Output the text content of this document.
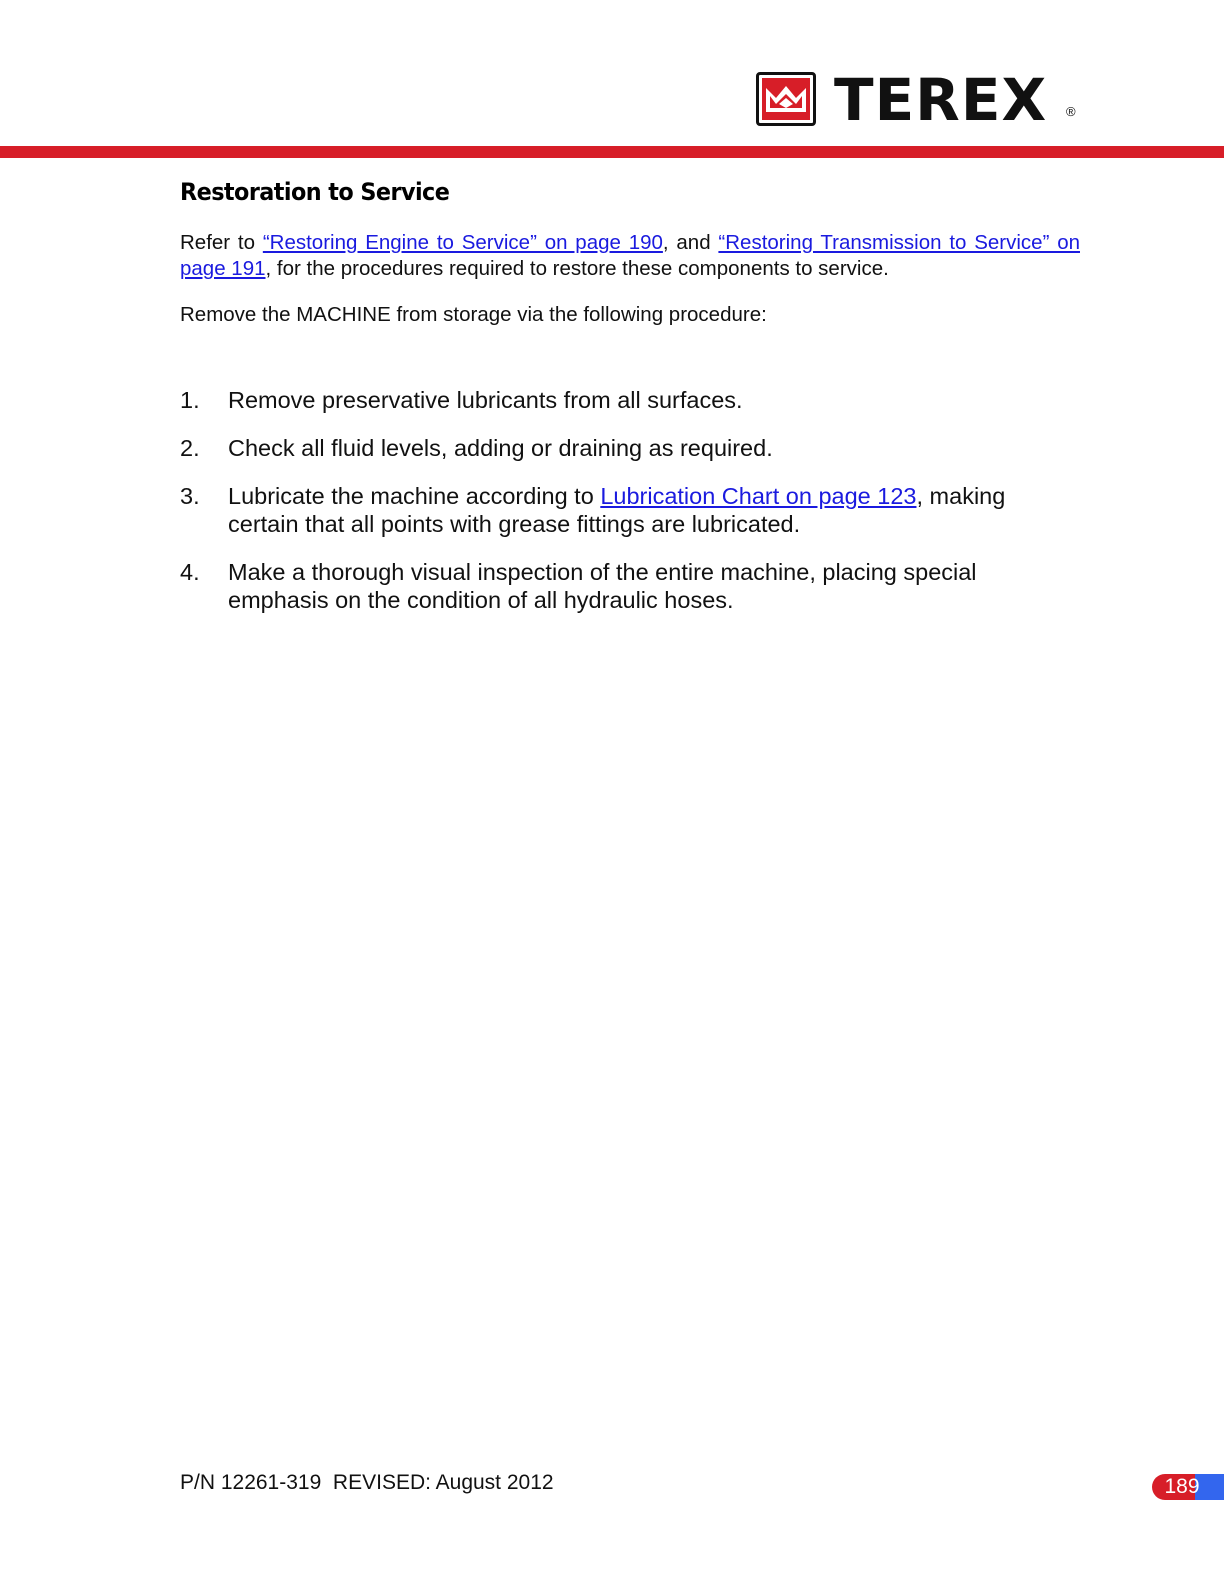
TEREX ®
Restoration to Service

Refer to “Restoring Engine to Service” on page 190, and “Restoring Transmission to Service” on page 191, for the procedures required to restore these components to service.

Remove the MACHINE from storage via the following procedure:

1. Remove preservative lubricants from all surfaces.
2. Check all fluid levels, adding or draining as required.
3. Lubricate the machine according to Lubrication Chart on page 123, making certain that all points with grease fittings are lubricated.
4. Make a thorough visual inspection of the entire machine, placing special emphasis on the condition of all hydraulic hoses.
P/N 12261-319  REVISED: August 2012	189
